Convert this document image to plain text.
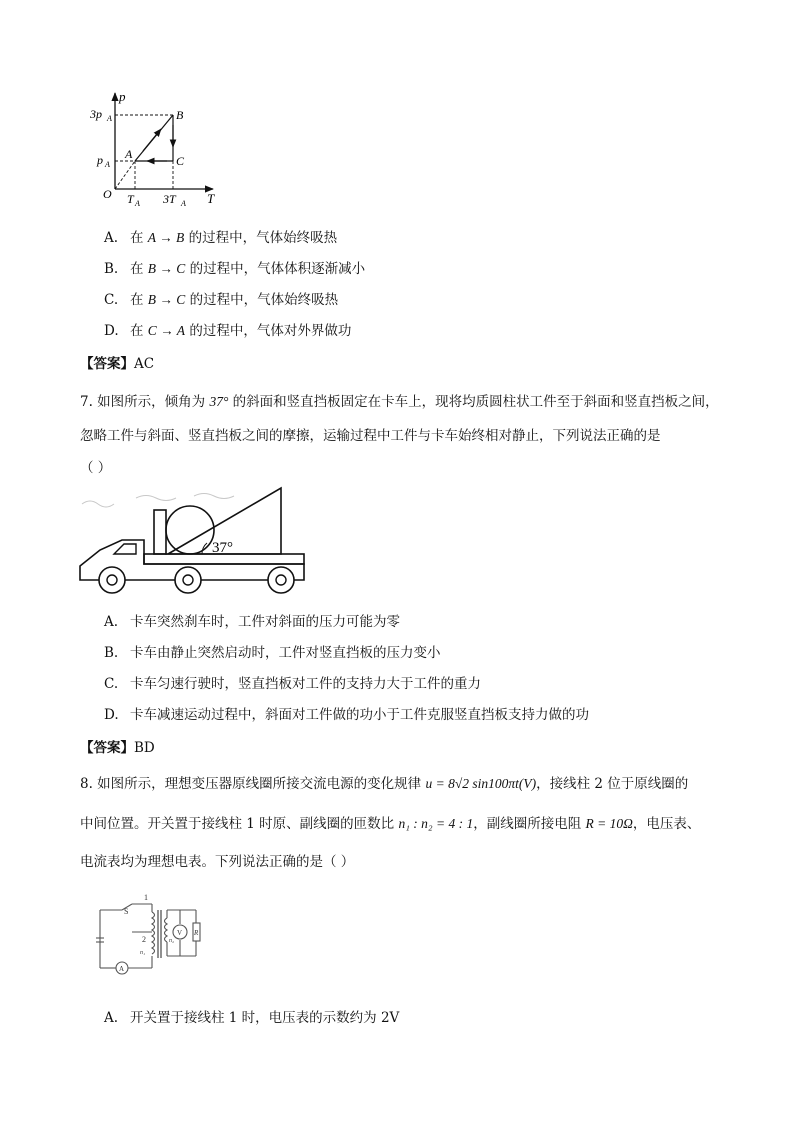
p
T
O
3p A
p A
T A 3T A
A
B
C
A. 在 A → B 的过程中，气体始终吸热
B. 在 B → C 的过程中，气体体积逐渐减小
C. 在 B → C 的过程中，气体始终吸热
D. 在 C → A 的过程中，气体对外界做功
【答案】AC
7. 如图所示，倾角为 37° 的斜面和竖直挡板固定在卡车上，现将均质圆柱状工件至于斜面和竖直挡板之间，
忽略工件与斜面、竖直挡板之间的摩擦，运输过程中工件与卡车始终相对静止，下列说法正确的是
（ ）
37°
A. 卡车突然刹车时，工件对斜面的压力可能为零
B. 卡车由静止突然启动时，工件对竖直挡板的压力变小
C. 卡车匀速行驶时，竖直挡板对工件的支持力大于工件的重力
D. 卡车减速运动过程中，斜面对工件做的功小于工件克服竖直挡板支持力做的功
【答案】BD
8. 如图所示，理想变压器原线圈所接交流电源的变化规律 u = 8√2 sin100πt(V)，接线柱 2 位于原线圈的
中间位置。开关置于接线柱 1 时原、副线圈的匝数比 n₁ : n₂ = 4 : 1，副线圈所接电阻 R = 10Ω，电压表、
电流表均为理想电表。下列说法正确的是（ ）
1
S
2
n₁
n₂
V
A
R
A. 开关置于接线柱 1 时，电压表的示数约为 2V
